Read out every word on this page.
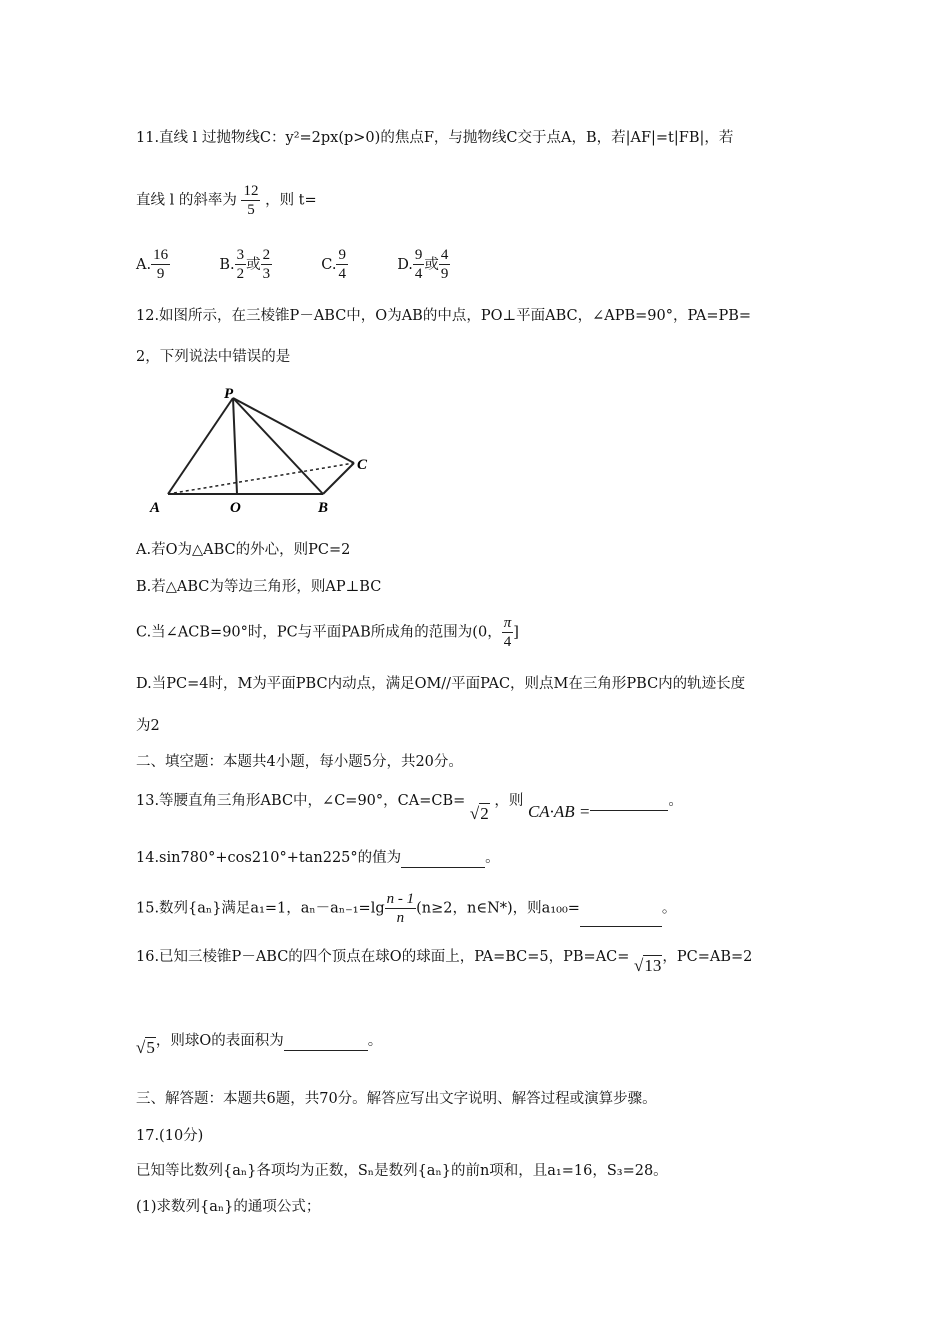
11.直线 l 过抛物线C：y²=2px(p>0)的焦点F，与抛物线C交于点A，B，若|AF|=t|FB|，若
直线 l 的斜率为 $\frac{12}{5}$ ，则 t=
A. $\frac{16}{9}$	B. $\frac{3}{2}$ 或 $\frac{2}{3}$	C. $\frac{9}{4}$	D. $\frac{9}{4}$ 或 $\frac{4}{9}$
12.如图所示，在三棱锥P－ABC中，O为AB的中点，PO⊥平面ABC，∠APB=90°，PA=PB=
2，下列说法中错误的是
P
A	O	B
C
A.若O为△ABC的外心，则PC=2
B.若△ABC为等边三角形，则AP⊥BC
C.当∠ACB=90°时，PC与平面PAB所成角的范围为(0， $\frac{\pi}{4}$ ]
D.当PC=4时，M为平面PBC内动点，满足OM//平面PAC，则点M在三角形PBC内的轨迹长度
为2
二、填空题：本题共4小题，每小题5分，共20分。
13.等腰直角三角形ABC中，∠C=90°，CA=CB= √2 ，则 CA·AB =。
14.sin780°+cos210°+tan225°的值为	。
15.数列{aₙ}满足a₁=1，$a_n-a_{n-1}=\lg \frac{n - 1}{n} (n\ge 2$，n∈N*)，则a₁₀₀=	。
16.已知三棱锥P－ABC的四个顶点在球O的球面上，PA=BC=5，PB=AC= √13，PC=AB=2
√5，则球O的表面积为	。
三、解答题：本题共6题，共70分。解答应写出文字说明、解答过程或演算步骤。
17.(10分)
已知等比数列{aₙ}各项均为正数，Sₙ是数列{aₙ}的前n项和，且a₁=16，S₃=28。
(1)求数列{aₙ}的通项公式；
